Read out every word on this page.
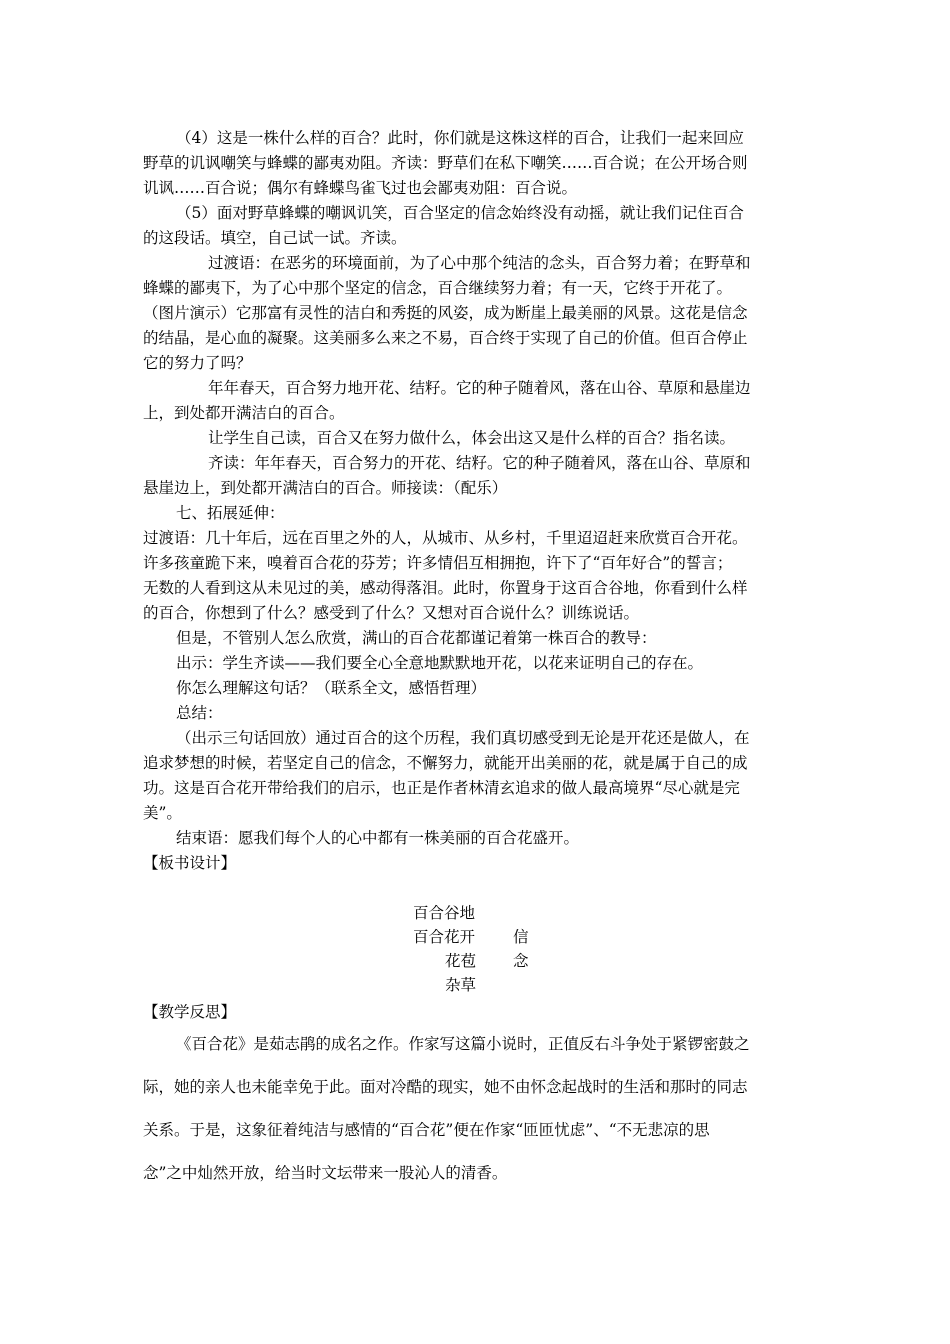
（4）这是一株什么样的百合？此时，你们就是这株这样的百合，让我们一起来回应
野草的讥讽嘲笑与蜂蝶的鄙夷劝阻。齐读：野草们在私下嘲笑……百合说；在公开场合则
讥讽……百合说；偶尔有蜂蝶鸟雀飞过也会鄙夷劝阻：百合说。
（5）面对野草蜂蝶的嘲讽讥笑，百合坚定的信念始终没有动摇，就让我们记住百合
的这段话。填空，自己试一试。齐读。
过渡语：在恶劣的环境面前，为了心中那个纯洁的念头，百合努力着；在野草和
蜂蝶的鄙夷下，为了心中那个坚定的信念，百合继续努力着；有一天，它终于开花了。
（图片演示）它那富有灵性的洁白和秀挺的风姿，成为断崖上最美丽的风景。这花是信念
的结晶，是心血的凝聚。这美丽多么来之不易，百合终于实现了自己的价值。但百合停止
它的努力了吗？
年年春天，百合努力地开花、结籽。它的种子随着风，落在山谷、草原和悬崖边
上，到处都开满洁白的百合。
让学生自己读，百合又在努力做什么，体会出这又是什么样的百合？指名读。
齐读：年年春天，百合努力的开花、结籽。它的种子随着风，落在山谷、草原和
悬崖边上，到处都开满洁白的百合。师接读：（配乐）
七、拓展延伸：
过渡语：几十年后，远在百里之外的人，从城市、从乡村，千里迢迢赶来欣赏百合开花。
许多孩童跪下来，嗅着百合花的芬芳；许多情侣互相拥抱，许下了“百年好合”的誓言；
无数的人看到这从未见过的美，感动得落泪。此时，你置身于这百合谷地，你看到什么样
的百合，你想到了什么？感受到了什么？又想对百合说什么？训练说话。
但是，不管别人怎么欣赏，满山的百合花都谨记着第一株百合的教导：
出示：学生齐读——我们要全心全意地默默地开花，以花来证明自己的存在。
你怎么理解这句话？（联系全文，感悟哲理）
总结：
（出示三句话回放）通过百合的这个历程，我们真切感受到无论是开花还是做人，在
追求梦想的时候，若坚定自己的信念，不懈努力，就能开出美丽的花，就是属于自己的成
功。这是百合花开带给我们的启示，也正是作者林清玄追求的做人最高境界“尽心就是完
美”。
结束语：愿我们每个人的心中都有一株美丽的百合花盛开。
【板书设计】
百合谷地
百合花开
花苞
杂草
信
念
【教学反思】
《百合花》是茹志鹃的成名之作。作家写这篇小说时，正值反右斗争处于紧锣密鼓之
际，她的亲人也未能幸免于此。面对冷酷的现实，她不由怀念起战时的生活和那时的同志
关系。于是，这象征着纯洁与感情的“百合花”便在作家“匝匝忧虑”、“不无悲凉的思
念”之中灿然开放，给当时文坛带来一股沁人的清香。
